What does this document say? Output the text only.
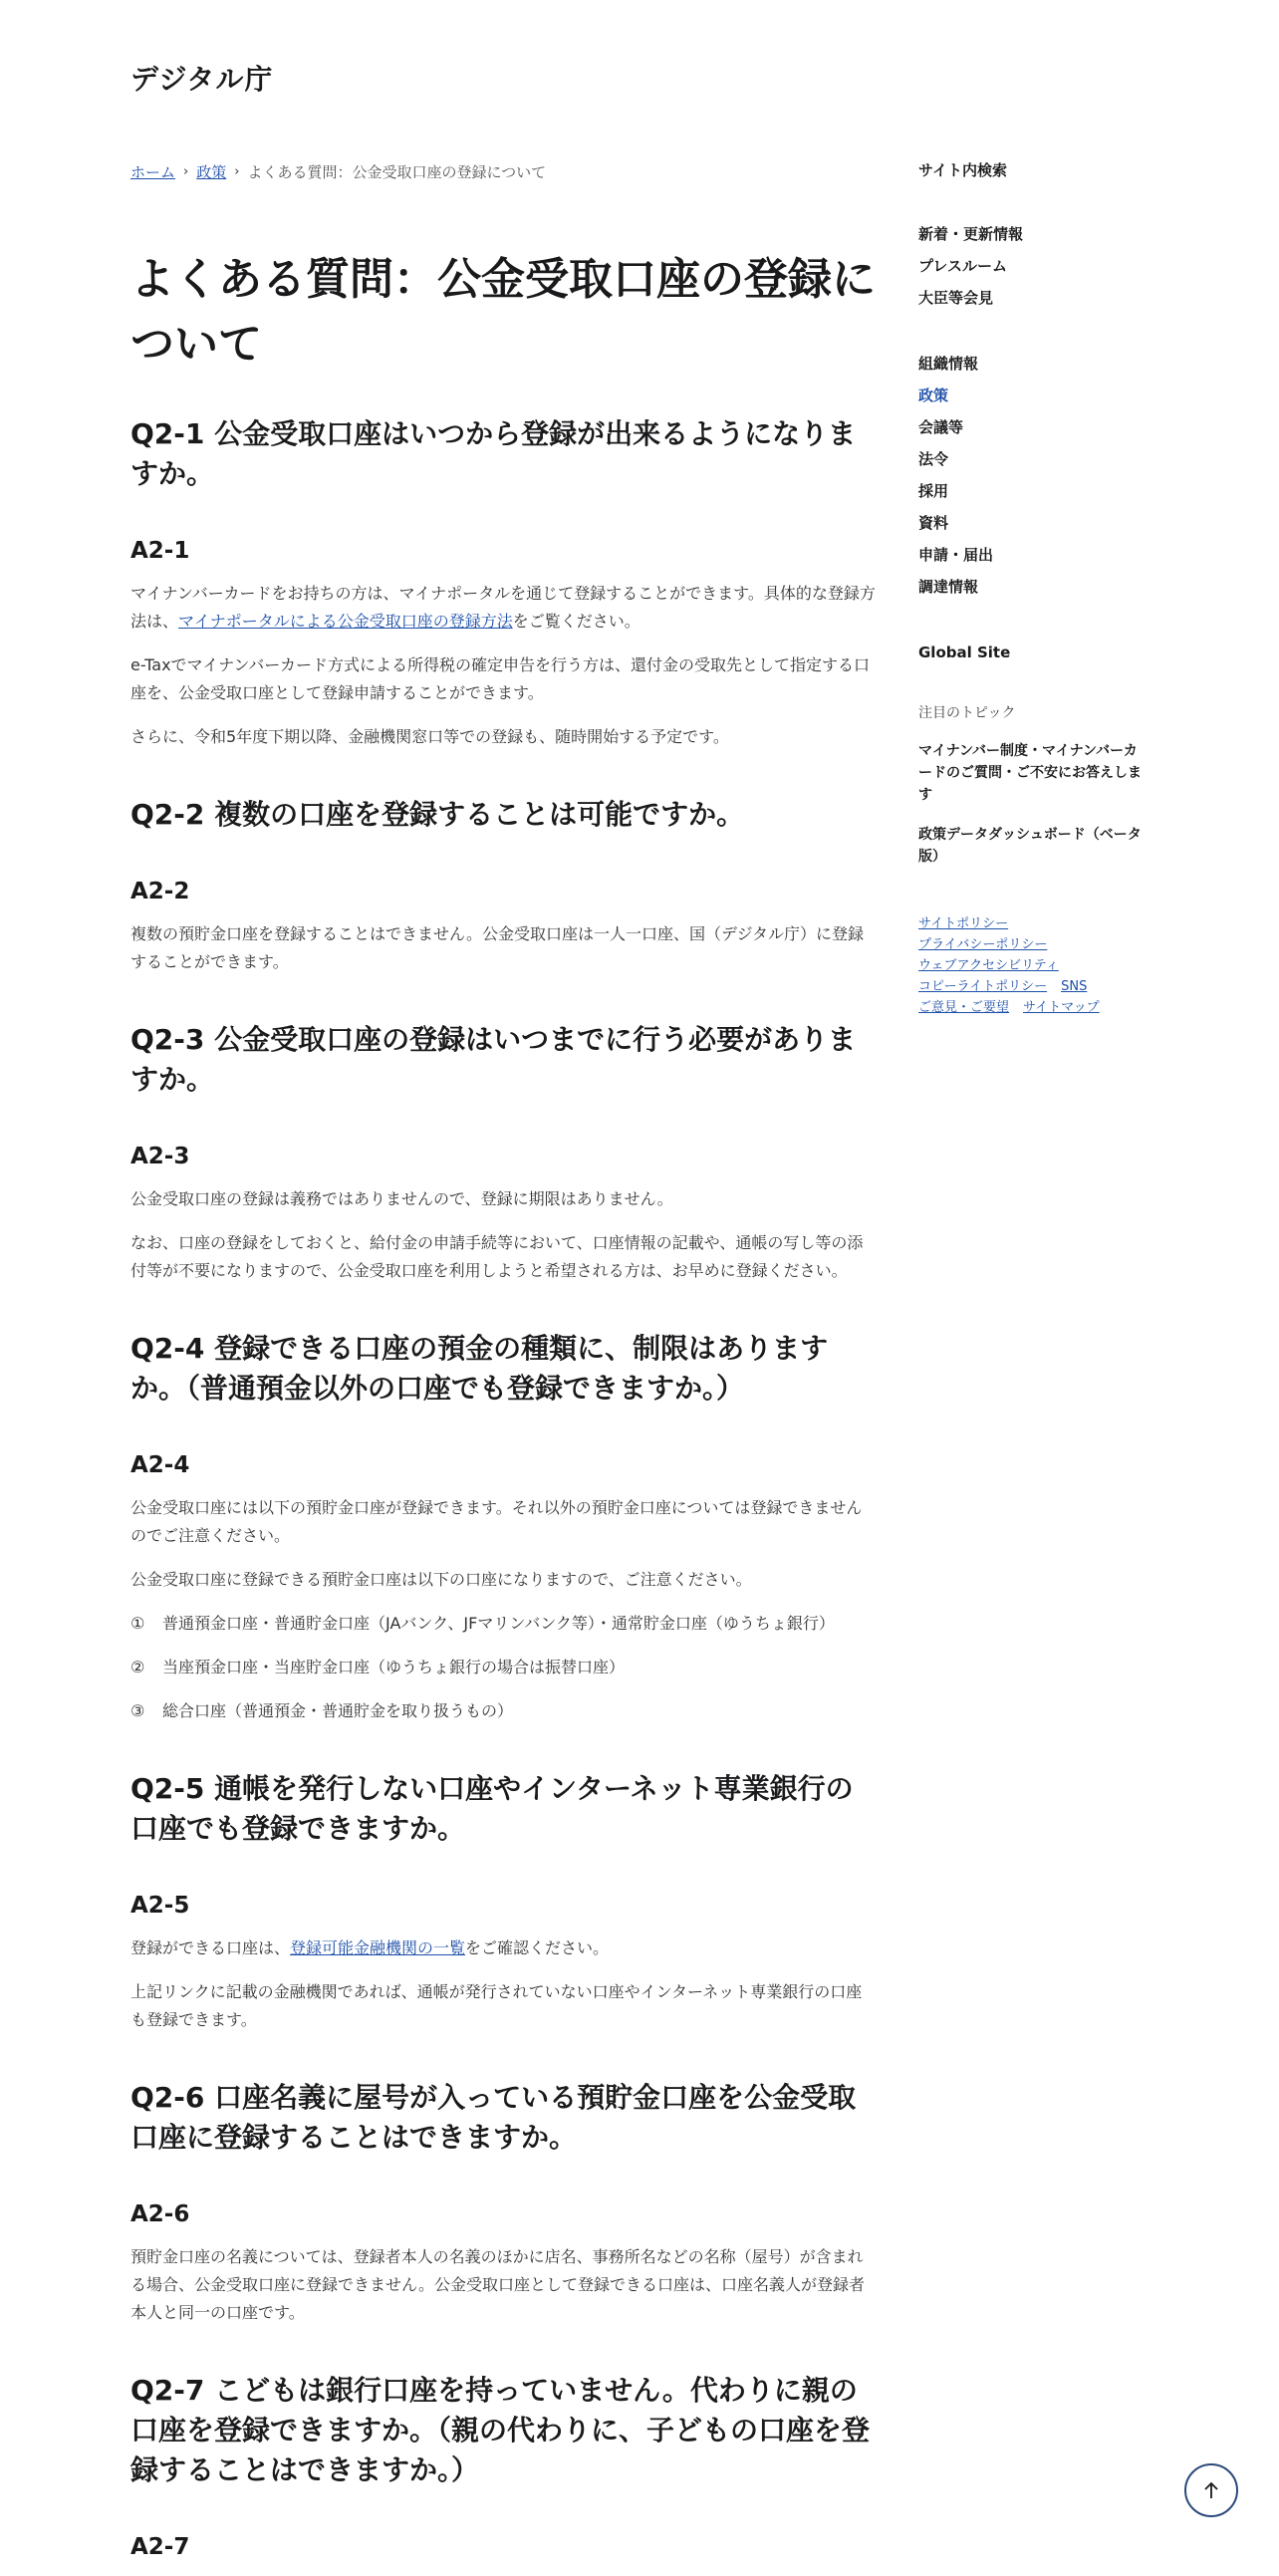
デジタル庁
ホーム › 政策 › よくある質問：公金受取口座の登録について
よくある質問：公金受取口座の登録について
Q2-1 公金受取口座はいつから登録が出来るようになりますか。
A2-1

マイナンバーカードをお持ちの方は、マイナポータルを通じて登録することができます。具体的な登録方法は、マイナポータルによる公金受取口座の登録方法をご覧ください。

e-Taxでマイナンバーカード方式による所得税の確定申告を行う方は、還付金の受取先として指定する口座を、公金受取口座として登録申請することができます。

さらに、令和5年度下期以降、金融機関窓口等での登録も、随時開始する予定です。

Q2-2 複数の口座を登録することは可能ですか。
A2-2

複数の預貯金口座を登録することはできません。公金受取口座は一人一口座、国（デジタル庁）に登録することができます。

Q2-3 公金受取口座の登録はいつまでに行う必要がありますか。
A2-3

公金受取口座の登録は義務ではありませんので、登録に期限はありません。

なお、口座の登録をしておくと、給付金の申請手続等において、口座情報の記載や、通帳の写し等の添付等が不要になりますので、公金受取口座を利用しようと希望される方は、お早めに登録ください。

Q2-4 登録できる口座の預金の種類に、制限はありますか。（普通預金以外の口座でも登録できますか。）
A2-4

公金受取口座には以下の預貯金口座が登録できます。それ以外の預貯金口座については登録できませんのでご注意ください。

公金受取口座に登録できる預貯金口座は以下の口座になりますので、ご注意ください。

①	普通預金口座・普通貯金口座（JAバンク、JFマリンバンク等）・通常貯金口座（ゆうちょ銀行）
②	当座預金口座・当座貯金口座（ゆうちょ銀行の場合は振替口座）
③	総合口座（普通預金・普通貯金を取り扱うもの）
Q2-5 通帳を発行しない口座やインターネット専業銀行の口座でも登録できますか。
A2-5

登録ができる口座は、登録可能金融機関の一覧をご確認ください。

上記リンクに記載の金融機関であれば、通帳が発行されていない口座やインターネット専業銀行の口座も登録できます。

Q2-6 口座名義に屋号が入っている預貯金口座を公金受取口座に登録することはできますか。
A2-6

預貯金口座の名義については、登録者本人の名義のほかに店名、事務所名などの名称（屋号）が含まれる場合、公金受取口座に登録できません。公金受取口座として登録できる口座は、口座名義人が登録者本人と同一の口座です。

Q2-7 こどもは銀行口座を持っていません。代わりに親の口座を登録できますか。（親の代わりに、子どもの口座を登録することはできますか。）
A2-7
サイト内検索
新着・更新情報
プレスルーム
大臣等会見
組織情報
政策
会議等
法令
採用
資料
申請・届出
調達情報
Global Site
注目のトピック
マイナンバー制度・マイナンバーカードのご質問・ご不安にお答えします
政策データダッシュボード（ベータ版）
サイトポリシー
プライバシーポリシー
ウェブアクセシビリティ
コピーライトポリシー SNS
ご意見・ご要望 サイトマップ
